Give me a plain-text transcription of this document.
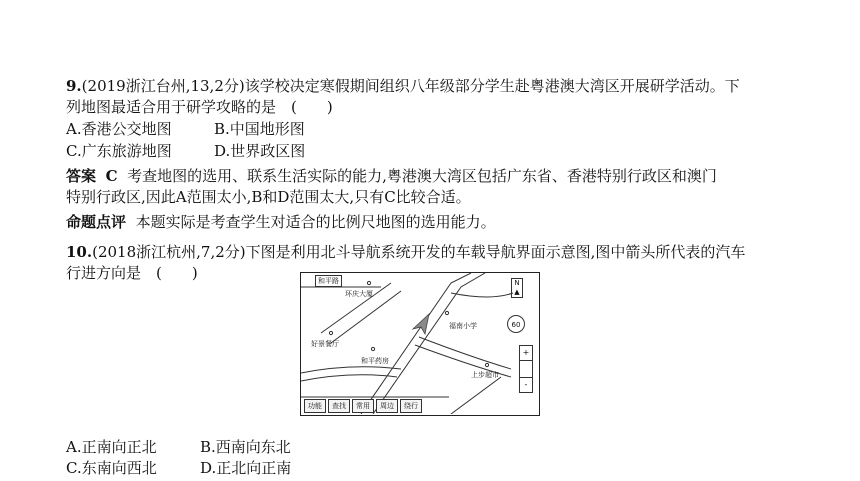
9.(2019浙江台州,13,2分)该学校决定寒假期间组织八年级部分学生赴粤港澳大湾区开展研学活动。下
列地图最适合用于研学攻略的是　(　　)
A.香港公交地图	B.中国地形图
C.广东旅游地图	D.世界政区图
答案 C 考查地图的选用、联系生活实际的能力,粤港澳大湾区包括广东省、香港特别行政区和澳门
特别行政区,因此A范围太小,B和D范围太大,只有C比较合适。
命题点评 本题实际是考查学生对适合的比例尺地图的选用能力。
10.(2018浙江杭州,7,2分)下图是利用北斗导航系统开发的车载导航界面示意图,图中箭头所代表的汽车
行进方向是　(　　)	和平路
环庆大厦
福南小学
好景餐厅
和平药房
上步超市
N
▲
60
+
-
功能	查找	常用	周边	绕行
A.正南向正北	B.西南向东北
C.东南向西北	D.正北向正南
